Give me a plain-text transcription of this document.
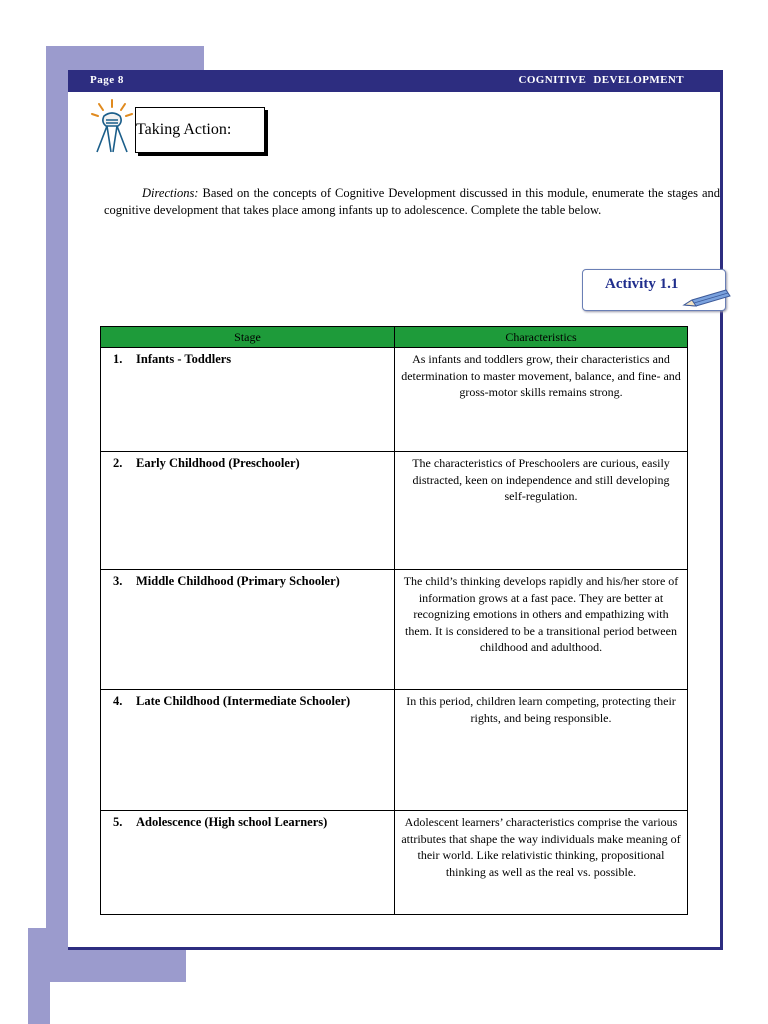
Page 8	COGNITIVE DEVELOPMENT
Taking Action:

Directions: Based on the concepts of Cognitive Development discussed in this module, enumerate the stages and cognitive development that takes place among infants up to adolescence. Complete the table below.

Activity 1.1
Stage	Characteristics

1. Infants - Toddlers	As infants and toddlers grow, their characteristics and determination to master movement, balance, and fine- and gross-motor skills remains strong.

2. Early Childhood (Preschooler)	The characteristics of Preschoolers are curious, easily distracted, keen on independence and still developing self-regulation.

3. Middle Childhood (Primary Schooler)	The child’s thinking develops rapidly and his/her store of information grows at a fast pace. They are better at recognizing emotions in others and empathizing with them. It is considered to be a transitional period between childhood and adulthood.

4. Late Childhood (Intermediate Schooler)	In this period, children learn competing, protecting their rights, and being responsible.

5. Adolescence (High school Learners)	Adolescent learners’ characteristics comprise the various attributes that shape the way individuals make meaning of their world. Like relativistic thinking, propositional thinking as well as the real vs. possible.
